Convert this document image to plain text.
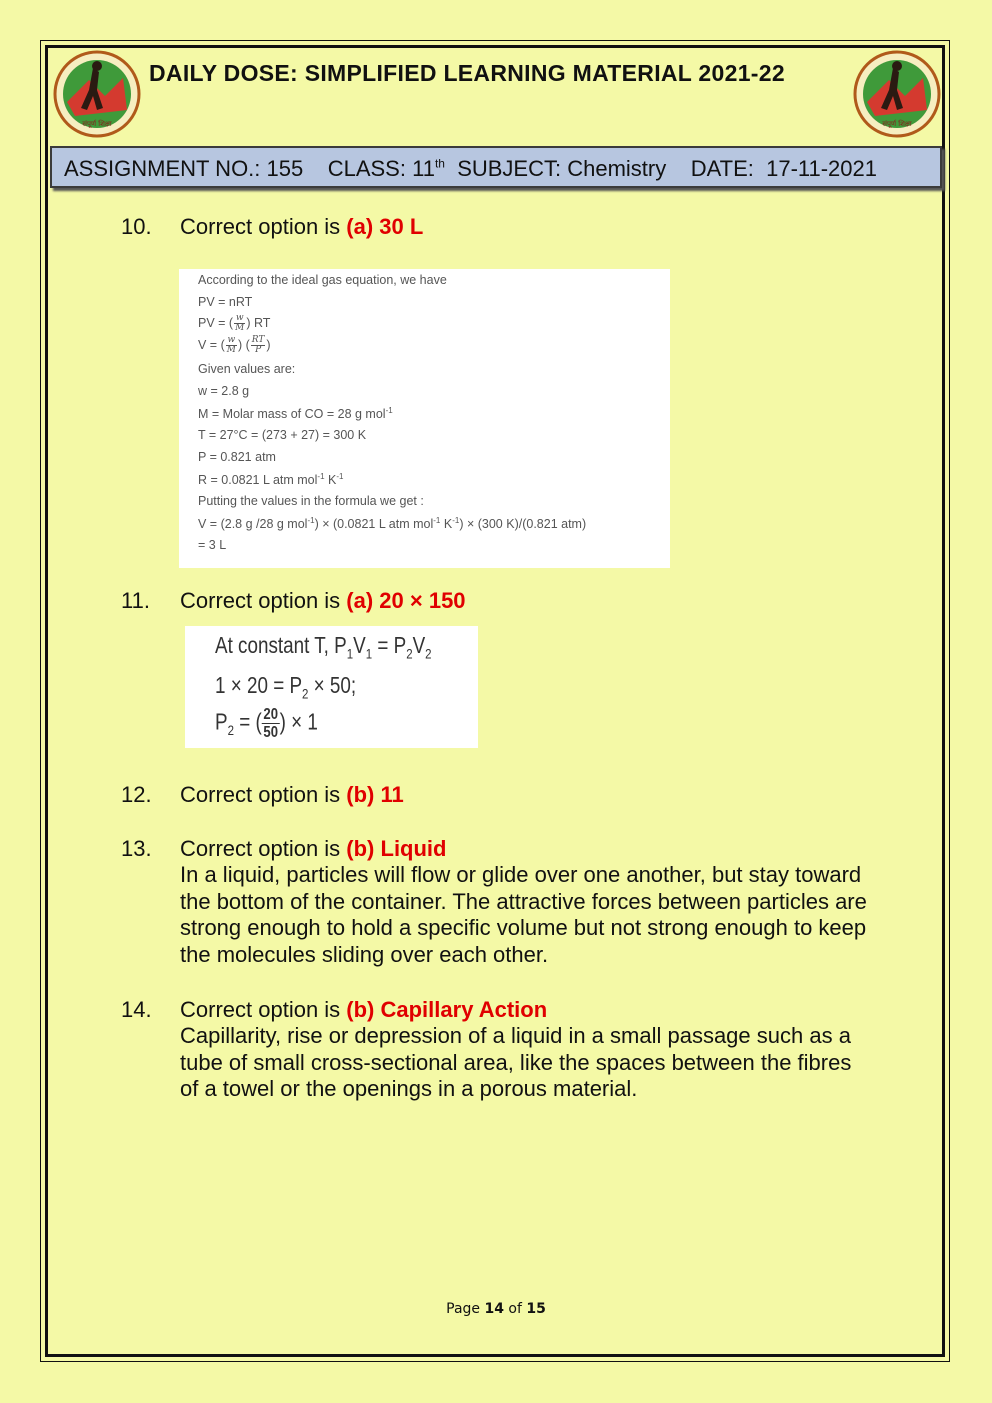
संपूर्ण शिक्षा	संपूर्ण शिक्षा
DAILY DOSE: SIMPLIFIED LEARNING MATERIAL 2021-22
ASSIGNMENT NO.: 155 CLASS: 11th SUBJECT: Chemistry DATE: 17-11-2021
10. Correct option is (a) 30 L
According to the ideal gas equation, we have
PV = nRT
PV = ( $\frac{w}{M}$ ) RT
V = ( $\frac{w}{M}$ ) ( $\frac{RT}{P}$ )
Given values are:
w = 2.8 g
M = Molar mass of CO = 28 g mol$^{-1}$
T = 27°C = (273 + 27) = 300 K
P = 0.821 atm
R = 0.0821 L atm mol$^{-1}$ $K^{-1}$
Putting the values in the formula we get :
V = (2.8 g /28 g mol$^{-1}$) × (0.0821 L atm mol$^{-1}$ $K^{-1}) \times (300$ K)/(0.821 atm)
= 3 L
11. Correct option is (a) 20 × 150
At constant T, $P_1V_1 = P_2V_2$
$1 \times 20 = P_2 \times 50$;
$P_2$ = ( $\frac{20}{50}$ ) × 1
12. Correct option is (b) 11
13. Correct option is (b) Liquid
In a liquid, particles will flow or glide over one another, but stay toward the bottom of the container. The attractive forces between particles are strong enough to hold a specific volume but not strong enough to keep the molecules sliding over each other.
14. Correct option is (b) Capillary Action
Capillarity, rise or depression of a liquid in a small passage such as a tube of small cross-sectional area, like the spaces between the fibres of a towel or the openings in a porous material.
Page 14 of 15
